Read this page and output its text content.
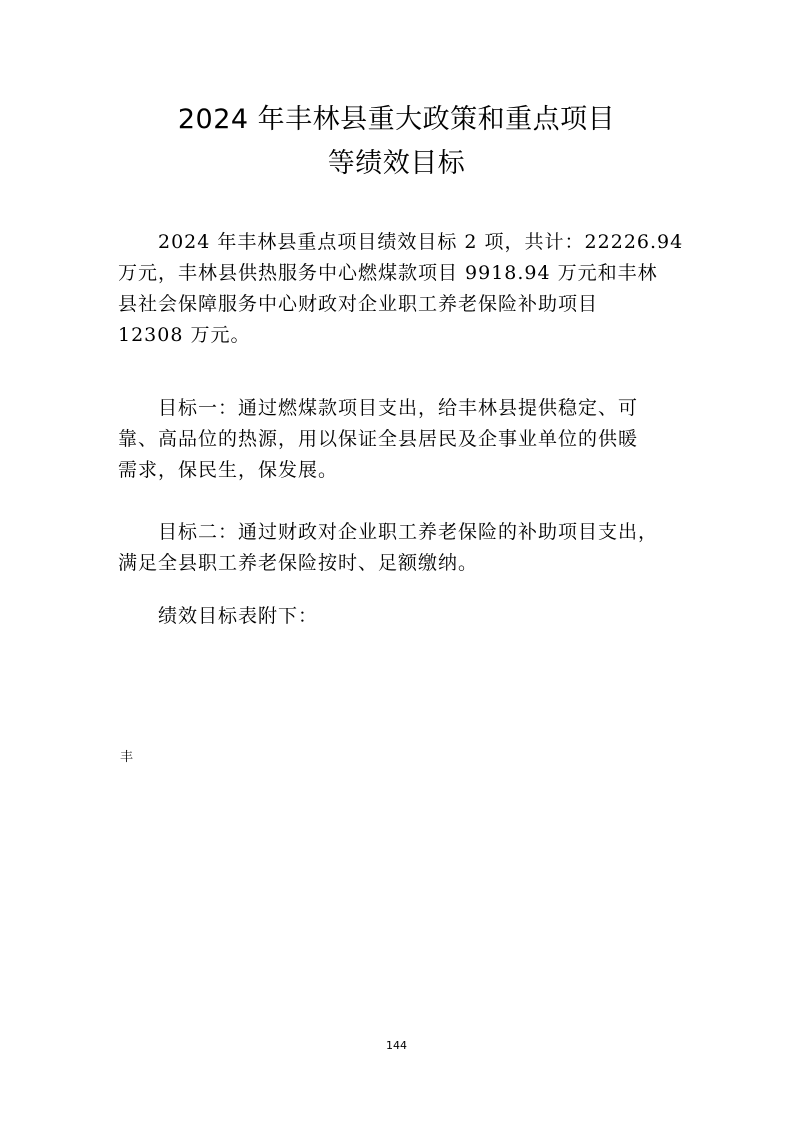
2024 年丰林县重大政策和重点项目
等绩效目标
　　2024 年丰林县重点项目绩效目标 2 项，共计：22226.94
万元，丰林县供热服务中心燃煤款项目 9918.94 万元和丰林
县社会保障服务中心财政对企业职工养老保险补助项目
12308 万元。
　　目标一：通过燃煤款项目支出，给丰林县提供稳定、可
靠、高品位的热源，用以保证全县居民及企事业单位的供暖
需求，保民生，保发展。
　　目标二：通过财政对企业职工养老保险的补助项目支出，
满足全县职工养老保险按时、足额缴纳。
　　绩效目标表附下：
丰
144
